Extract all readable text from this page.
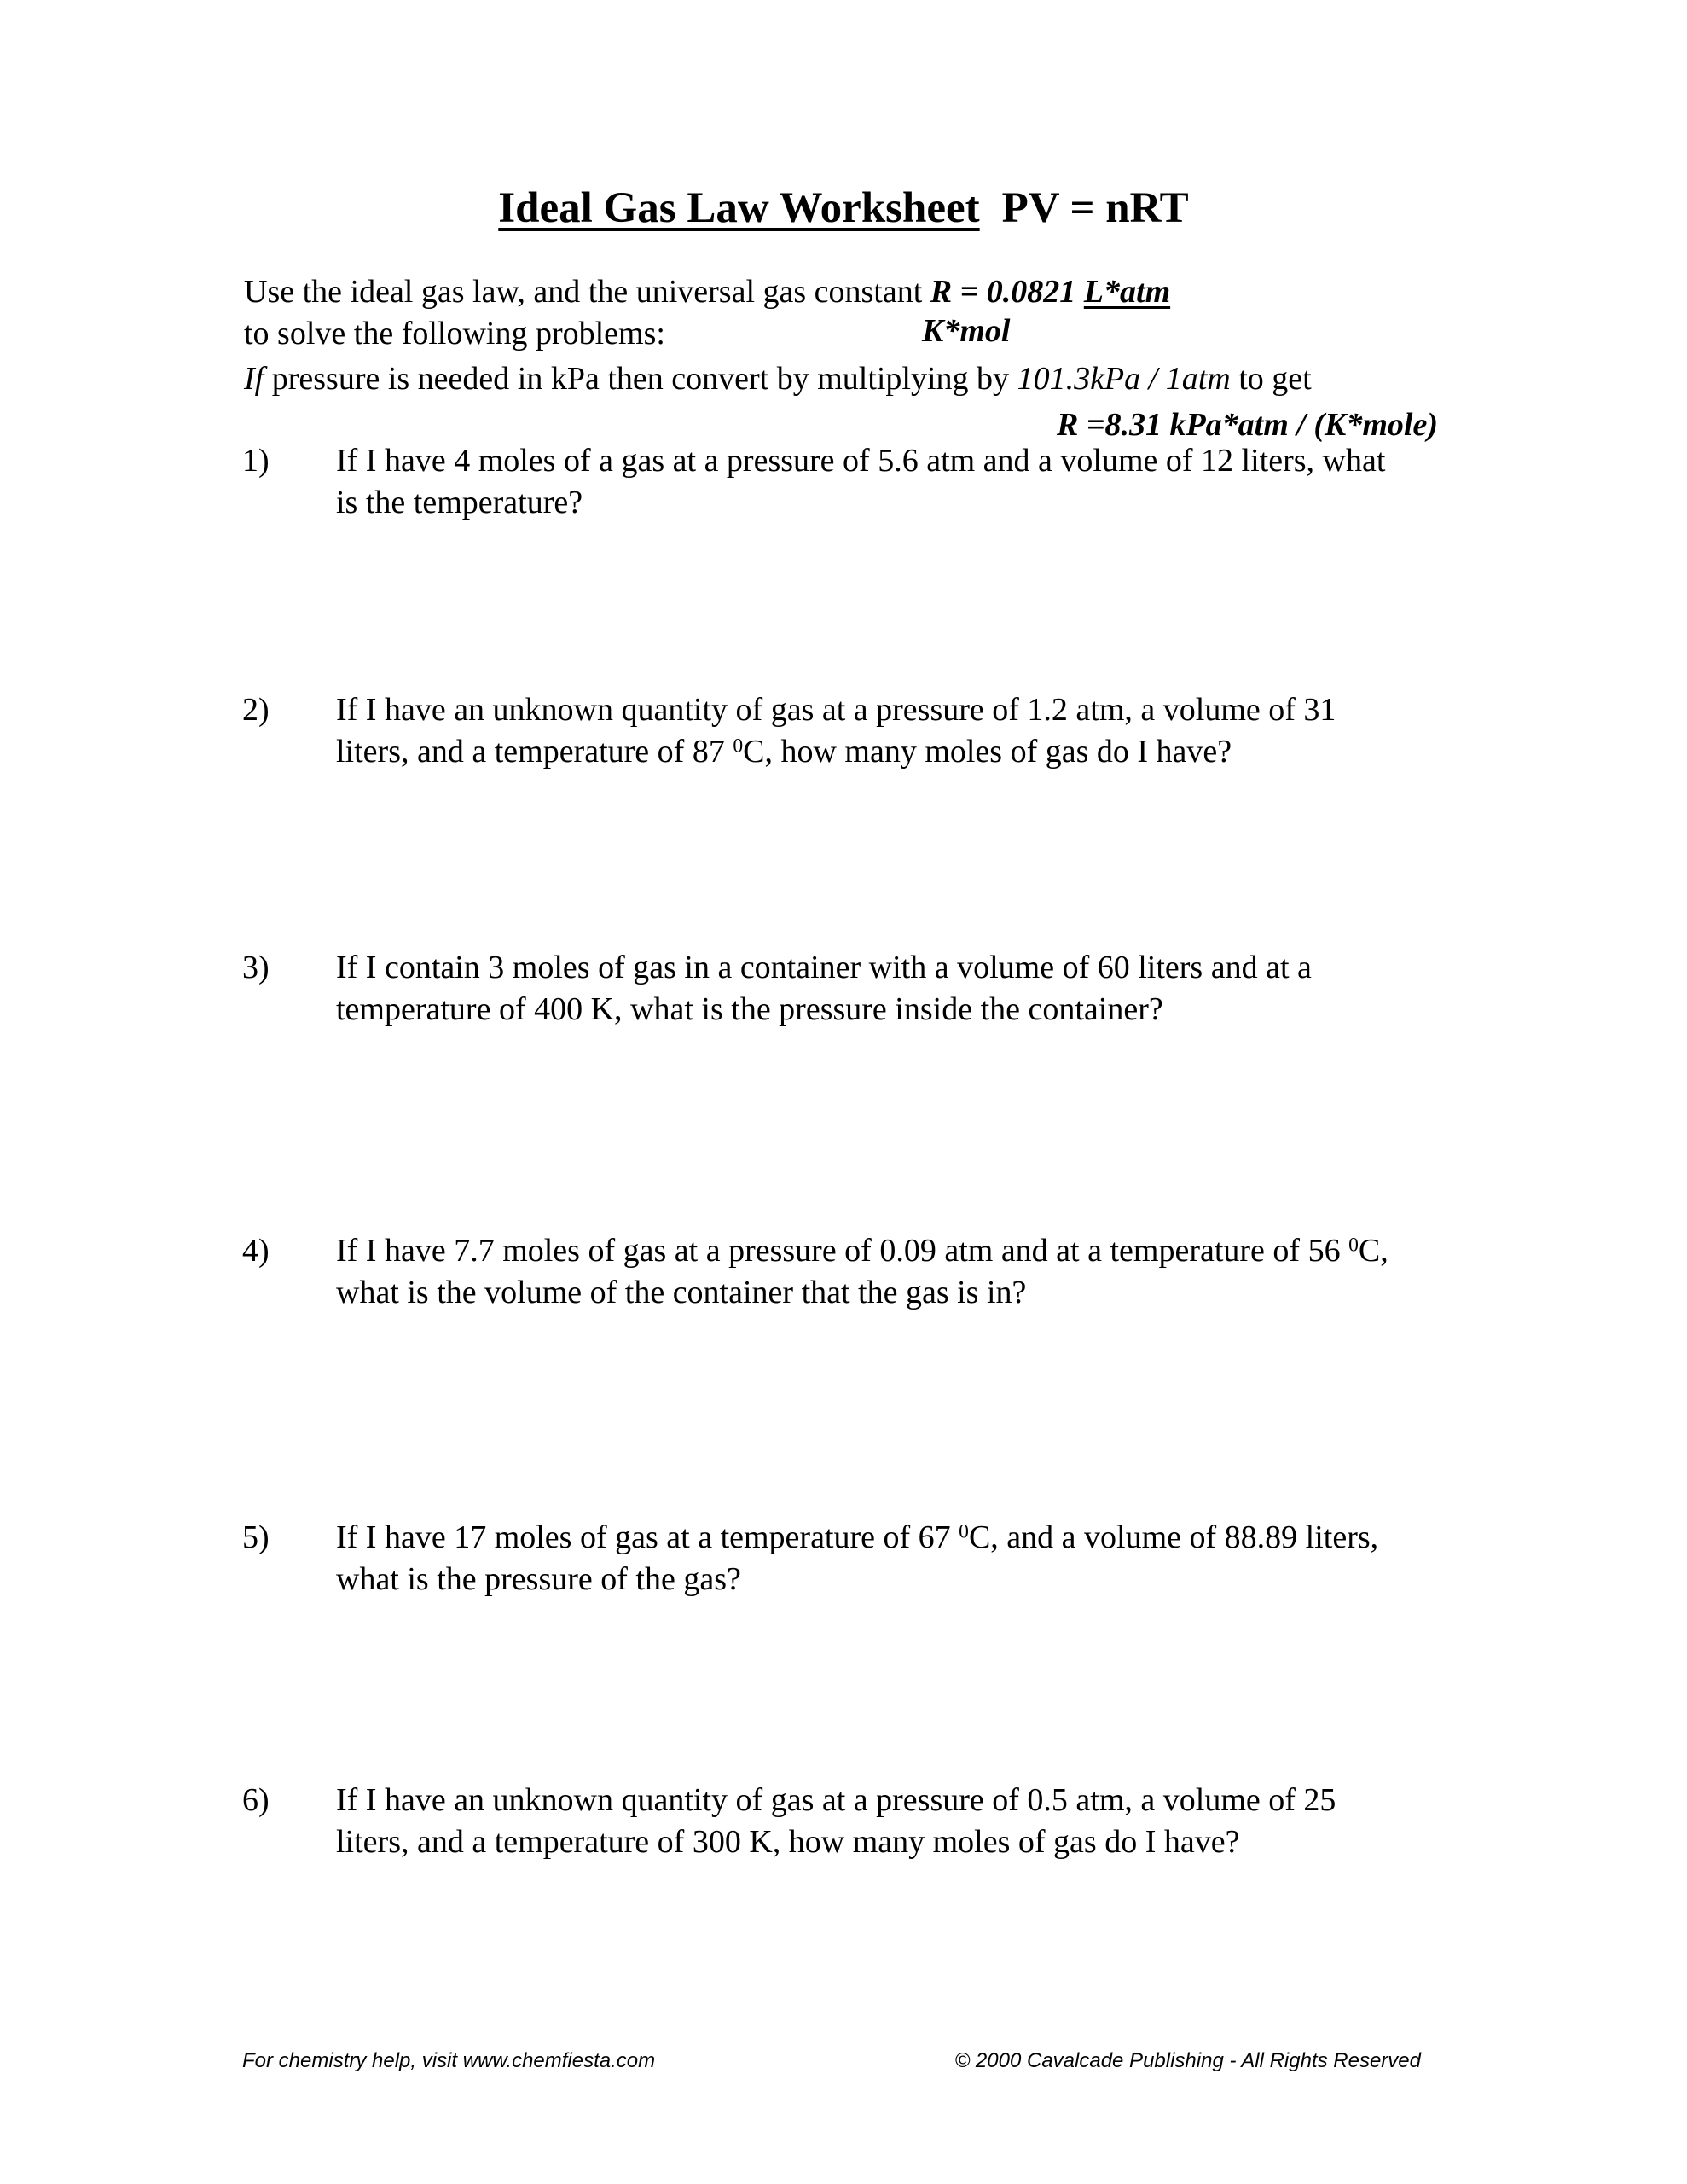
Ideal Gas Law Worksheet PV = nRT
Use the ideal gas law, and the universal gas constant R = 0.0821 L*atm
K*mol
to solve the following problems:
If pressure is needed in kPa then convert by multiplying by 101.3kPa / 1atm to get
R =8.31 kPa*atm / (K*mole)
1)	If I have 4 moles of a gas at a pressure of 5.6 atm and a volume of 12 liters, what is the temperature?
2)	If I have an unknown quantity of gas at a pressure of 1.2 atm, a volume of 31 liters, and a temperature of 87 $^0$C, how many moles of gas do I have?
3)	If I contain 3 moles of gas in a container with a volume of 60 liters and at a temperature of 400 K, what is the pressure inside the container?
4)	If I have 7.7 moles of gas at a pressure of 0.09 atm and at a temperature of 56 $^0$C, what is the volume of the container that the gas is in?
5)	If I have 17 moles of gas at a temperature of 67 $^0$C, and a volume of 88.89 liters, what is the pressure of the gas?
6)	If I have an unknown quantity of gas at a pressure of 0.5 atm, a volume of 25 liters, and a temperature of 300 K, how many moles of gas do I have?
For chemistry help, visit www.chemfiesta.com	© 2000 Cavalcade Publishing - All Rights Reserved
